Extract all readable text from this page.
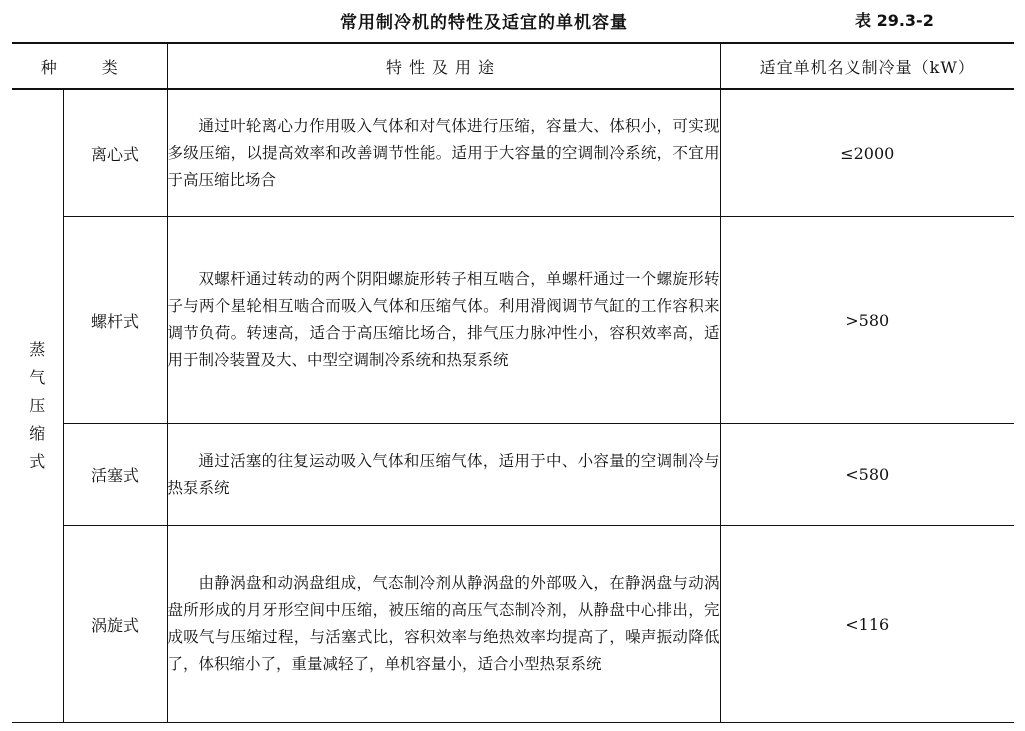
常用制冷机的特性及适宜的单机容量	表 29.3-2
种 类		特性及用途	适宜单机名义制冷量（kW）
蒸
气
压
缩
式	离心式	通过叶轮离心力作用吸入气体和对气体进行压缩，容量大、体积小，可实现多级压缩，以提高效率和改善调节性能。适用于大容量的空调制冷系统，不宜用于高压缩比场合	≤2000
	螺杆式	双螺杆通过转动的两个阴阳螺旋形转子相互啮合，单螺杆通过一个螺旋形转子与两个星轮相互啮合而吸入气体和压缩气体。利用滑阀调节气缸的工作容积来调节负荷。转速高，适合于高压缩比场合，排气压力脉冲性小，容积效率高，适用于制冷装置及大、中型空调制冷系统和热泵系统	>580
	活塞式	通过活塞的往复运动吸入气体和压缩气体，适用于中、小容量的空调制冷与热泵系统	<580
	涡旋式	由静涡盘和动涡盘组成，气态制冷剂从静涡盘的外部吸入，在静涡盘与动涡盘所形成的月牙形空间中压缩，被压缩的高压气态制冷剂，从静盘中心排出，完成吸气与压缩过程，与活塞式比，容积效率与绝热效率均提高了，噪声振动降低了，体积缩小了，重量减轻了，单机容量小，适合小型热泵系统	<116
